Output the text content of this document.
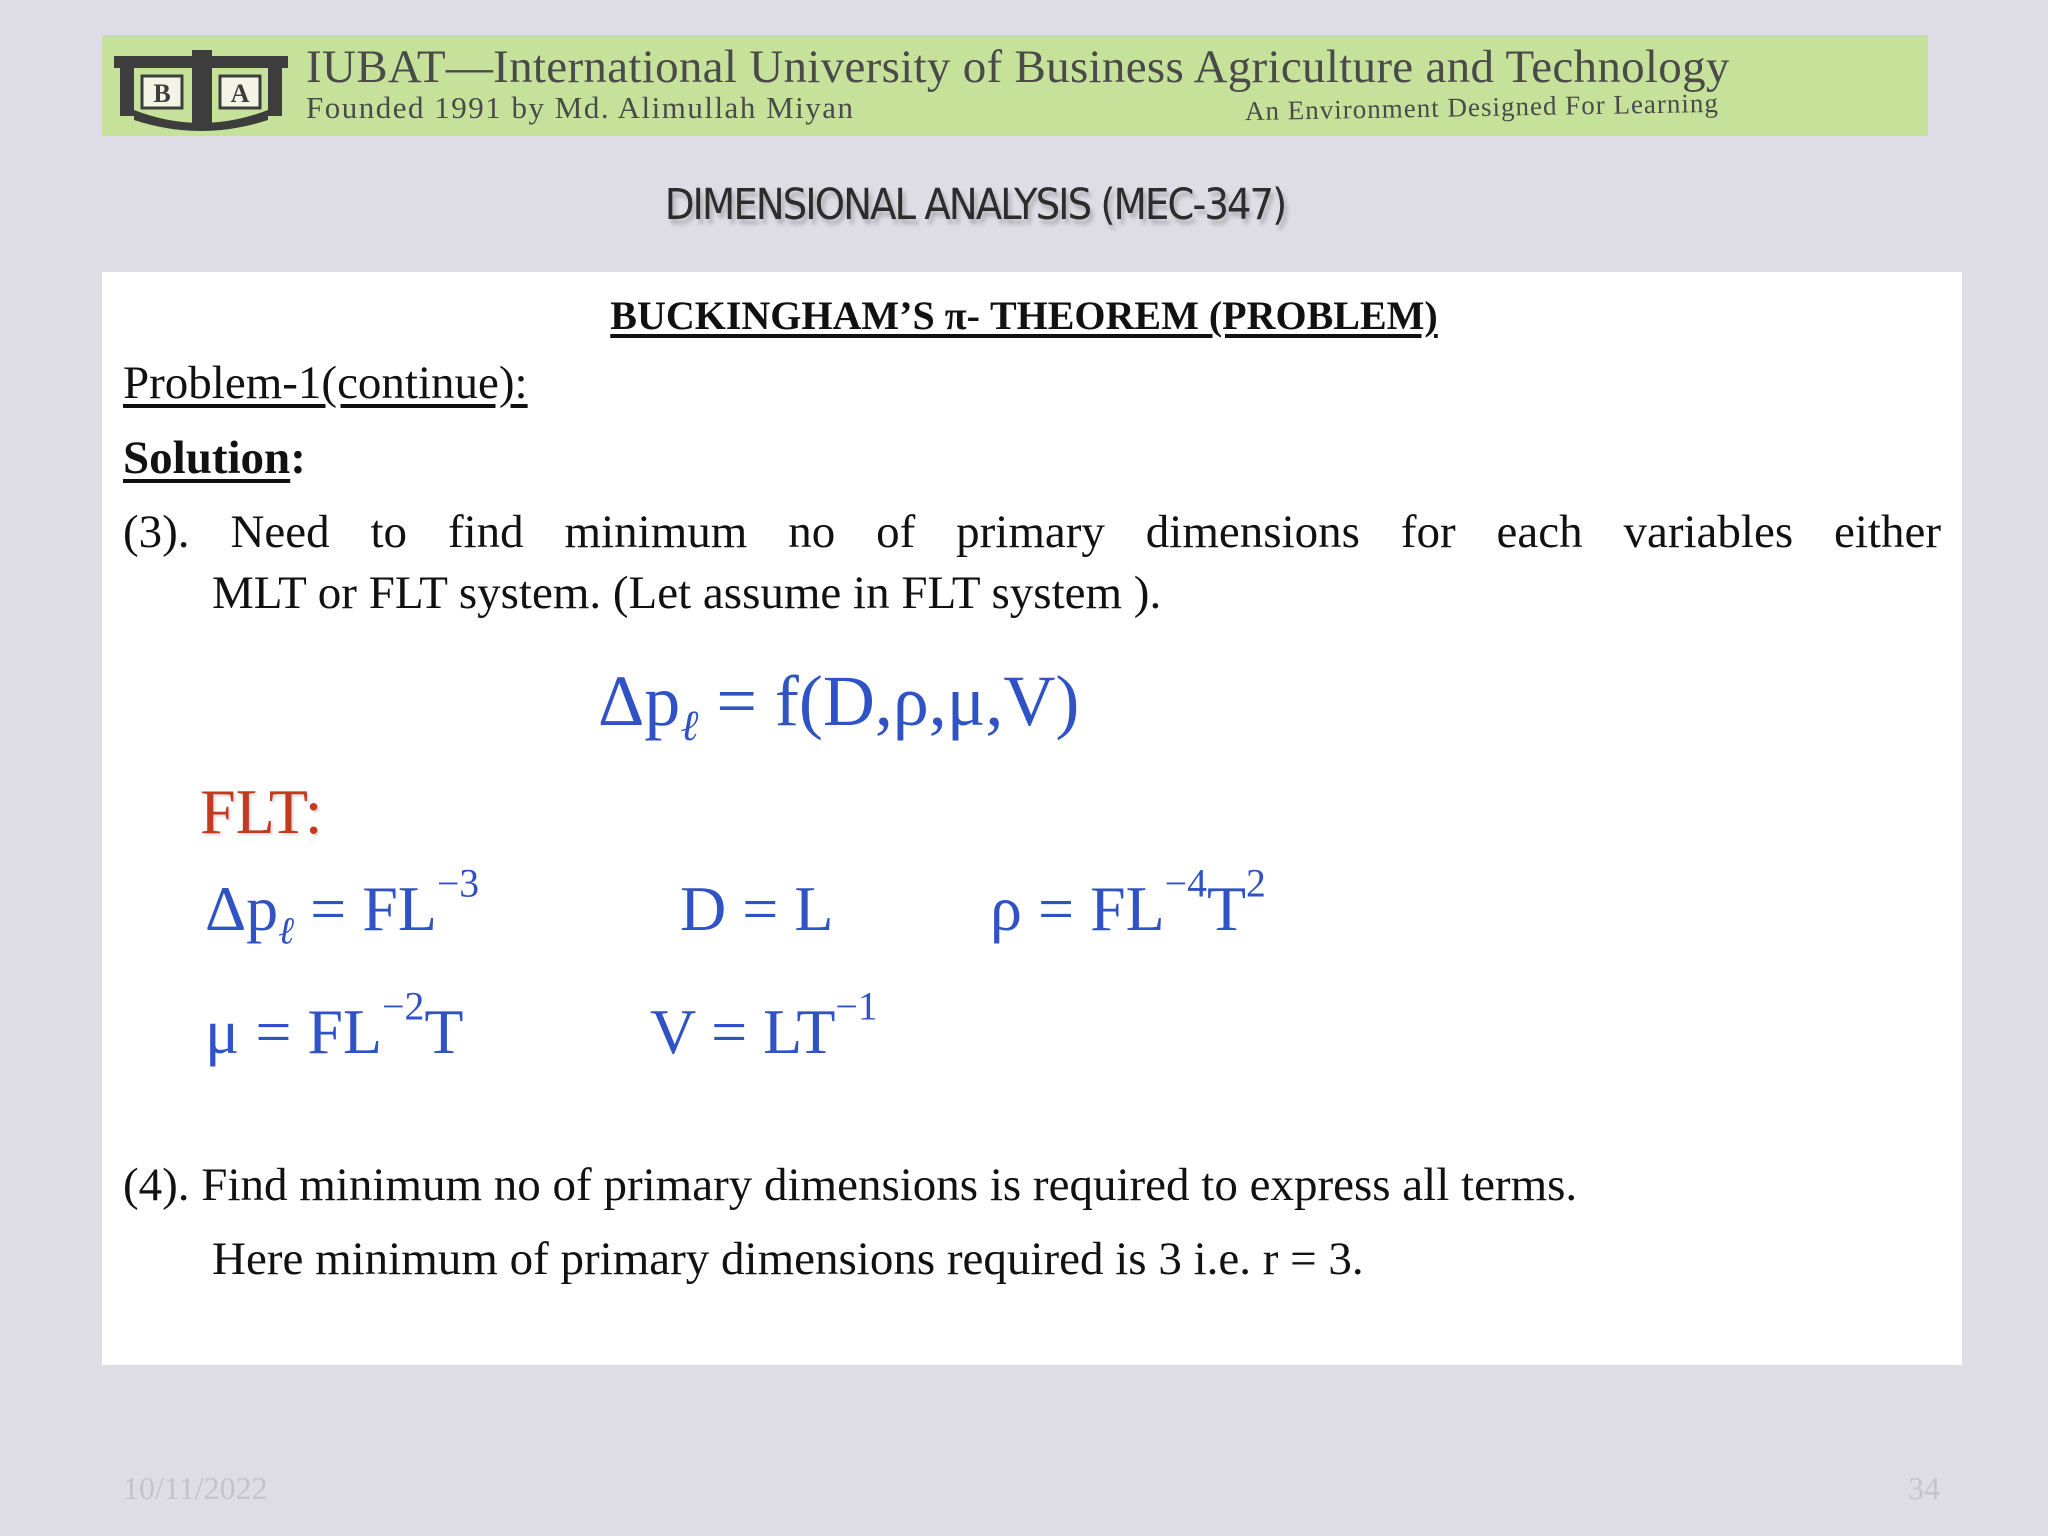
B A
IUBAT—International University of Business Agriculture and Technology
Founded 1991 by Md. Alimullah Miyan	An Environment Designed For Learning
DIMENSIONAL ANALYSIS (MEC-347)
BUCKINGHAM’S π- THEOREM (PROBLEM)
Problem-1(continue):
Solution:
(3). Need to find minimum no of primary dimensions for each variables either
MLT or FLT system. (Let assume in FLT system ).
$\Delta p_\ell = f(D,\rho,\mu,V)$
FLT:
$\Delta p_\ell = FL^{-3}$	D = L $\rho = FL^{-4}T^2$
$\mu = FL^{-2}T$	$V = LT^{-1}$
(4). Find minimum no of primary dimensions is required to express all terms.
Here minimum of primary dimensions required is 3 i.e. r = 3.
10/11/2022	34
